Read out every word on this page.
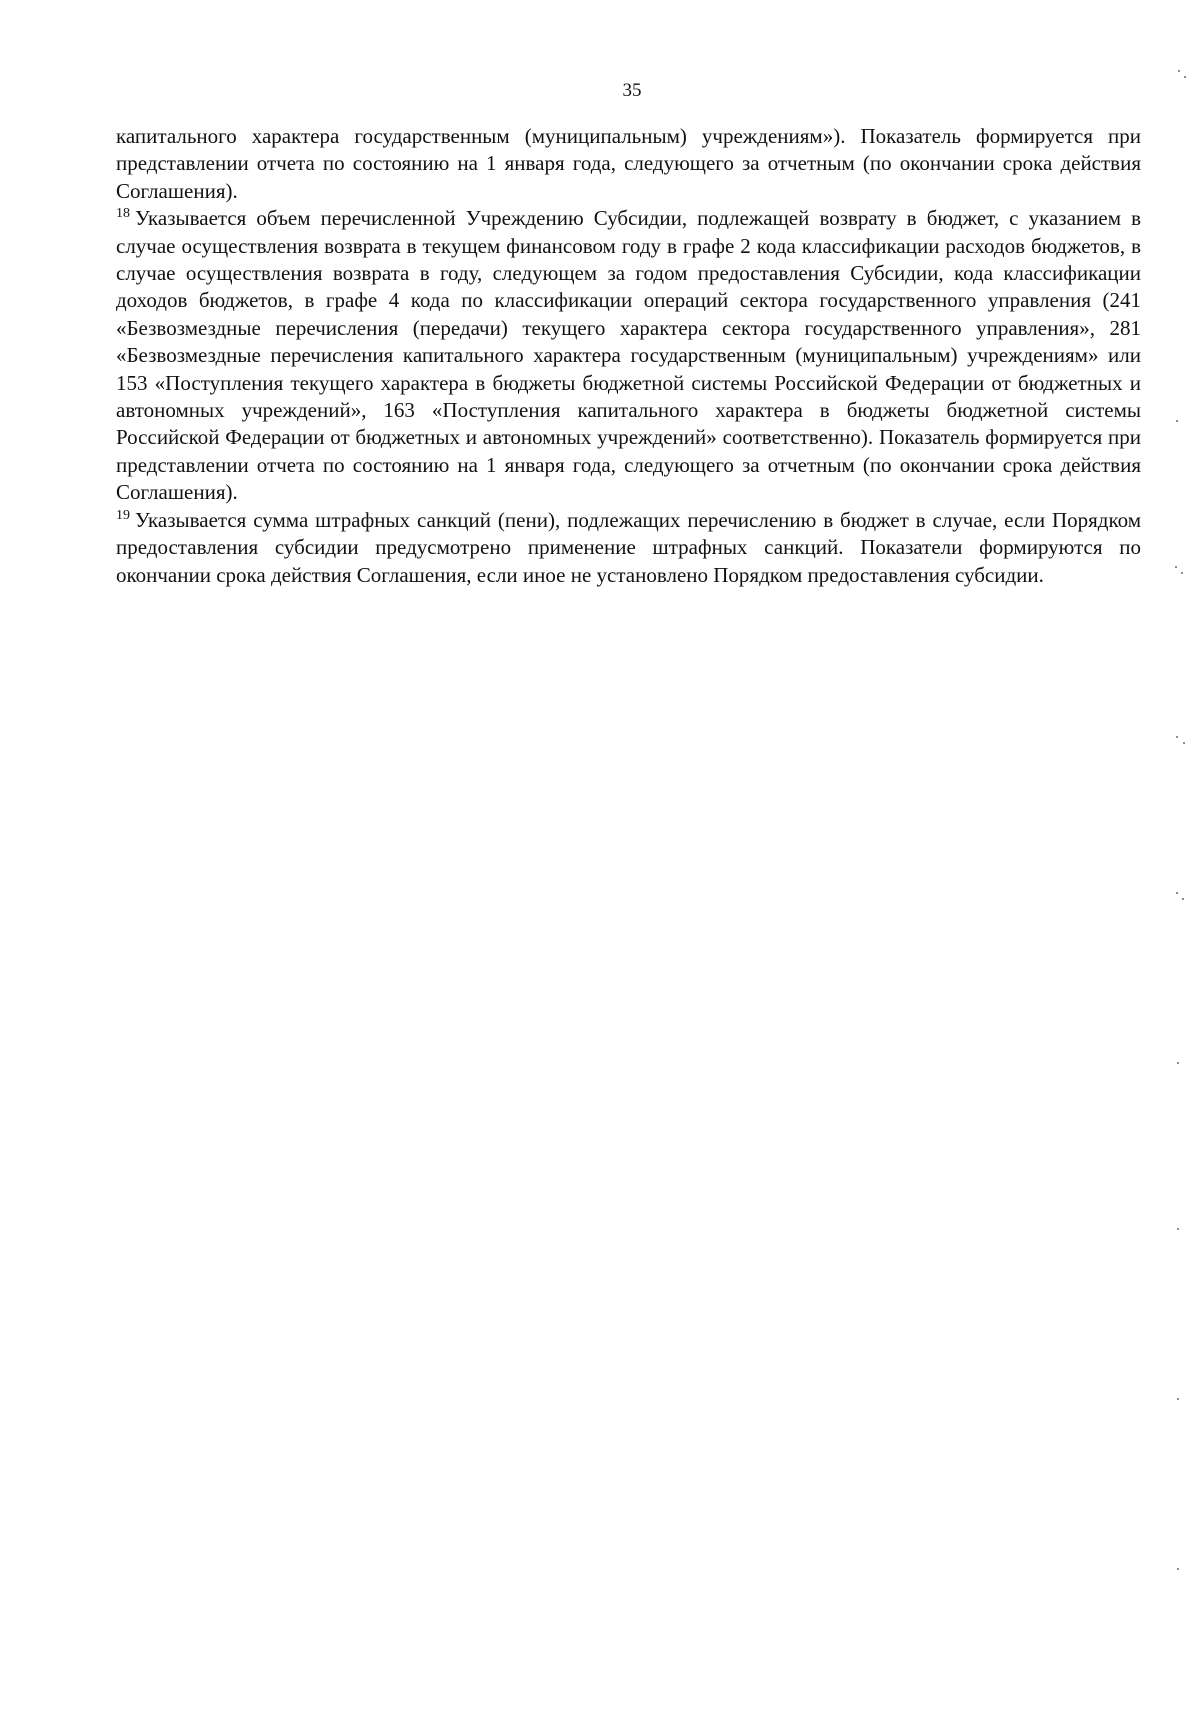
35

капитального характера государственным (муниципальным) учреждениям»). Показатель формируется при представлении отчета по состоянию на 1 января года, следующего за отчетным (по окончании срока действия Соглашения).

$^{18}$ Указывается объем перечисленной Учреждению Субсидии, подлежащей возврату в бюджет, с указанием в случае осуществления возврата в текущем финансовом году в графе 2 кода классификации расходов бюджетов, в случае осуществления возврата в году, следующем за годом предоставления Субсидии, кода классификации доходов бюджетов, в графе 4 кода по классификации операций сектора государственного управления (241 «Безвозмездные перечисления (передачи) текущего характера сектора государственного управления», 281 «Безвозмездные перечисления капитального характера государственным (муниципальным) учреждениям» или 153 «Поступления текущего характера в бюджеты бюджетной системы Российской Федерации от бюджетных и автономных учреждений», 163 «Поступления капитального характера в бюджеты бюджетной системы Российской Федерации от бюджетных и автономных учреждений» соответственно). Показатель формируется при представлении отчета по состоянию на 1 января года, следующего за отчетным (по окончании срока действия Соглашения).

$^{19}$ Указывается сумма штрафных санкций (пени), подлежащих перечислению в бюджет в случае, если Порядком предоставления субсидии предусмотрено применение штрафных санкций. Показатели формируются по окончании срока действия Соглашения, если иное не установлено Порядком предоставления субсидии.
